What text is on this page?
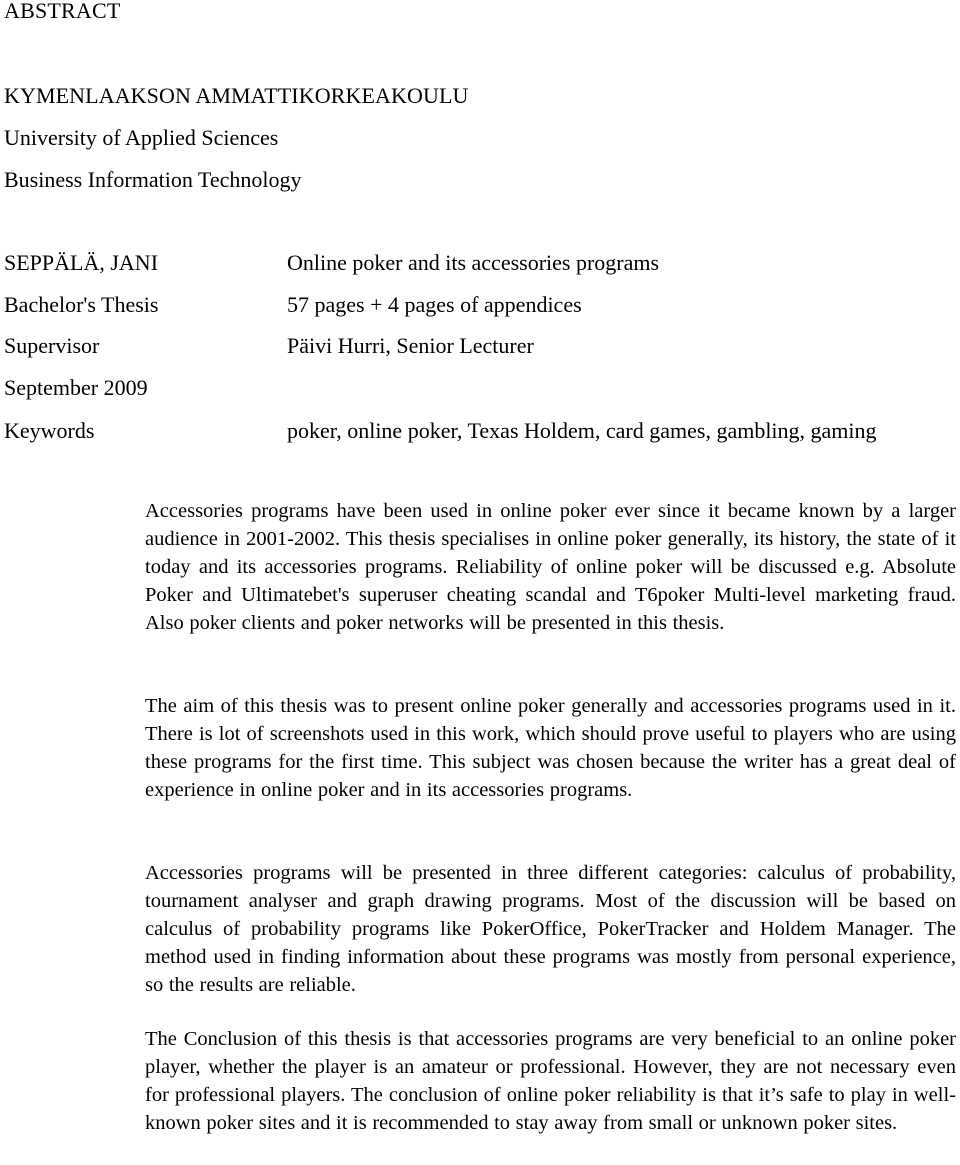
ABSTRACT
KYMENLAAKSON AMMATTIKORKEAKOULU
University of Applied Sciences
Business Information Technology
SEPPÄLÄ, JANI	Online poker and its accessories programs
Bachelor's Thesis	57 pages + 4 pages of appendices
Supervisor	Päivi Hurri, Senior Lecturer
September 2009
Keywords	poker, online poker, Texas Holdem, card games, gambling, gaming

Accessories programs have been used in online poker ever since it became known by a larger audience in 2001-2002. This thesis specialises in online poker generally, its history, the state of it today and its accessories programs. Reliability of online poker will be discussed e.g. Absolute Poker and Ultimatebet's superuser cheating scandal and T6poker Multi-level marketing fraud. Also poker clients and poker networks will be presented in this thesis.

The aim of this thesis was to present online poker generally and accessories programs used in it. There is lot of screenshots used in this work, which should prove useful to players who are using these programs for the first time. This subject was chosen because the writer has a great deal of experience in online poker and in its accessories programs.

Accessories programs will be presented in three different categories: calculus of probability, tournament analyser and graph drawing programs. Most of the discussion will be based on calculus of probability programs like PokerOffice, PokerTracker and Holdem Manager. The method used in finding information about these programs was mostly from personal experience, so the results are reliable.

The Conclusion of this thesis is that accessories programs are very beneficial to an online poker player, whether the player is an amateur or professional. However, they are not necessary even for professional players. The conclusion of online poker reliability is that it’s safe to play in well-known poker sites and it is recommended to stay away from small or unknown poker sites.
